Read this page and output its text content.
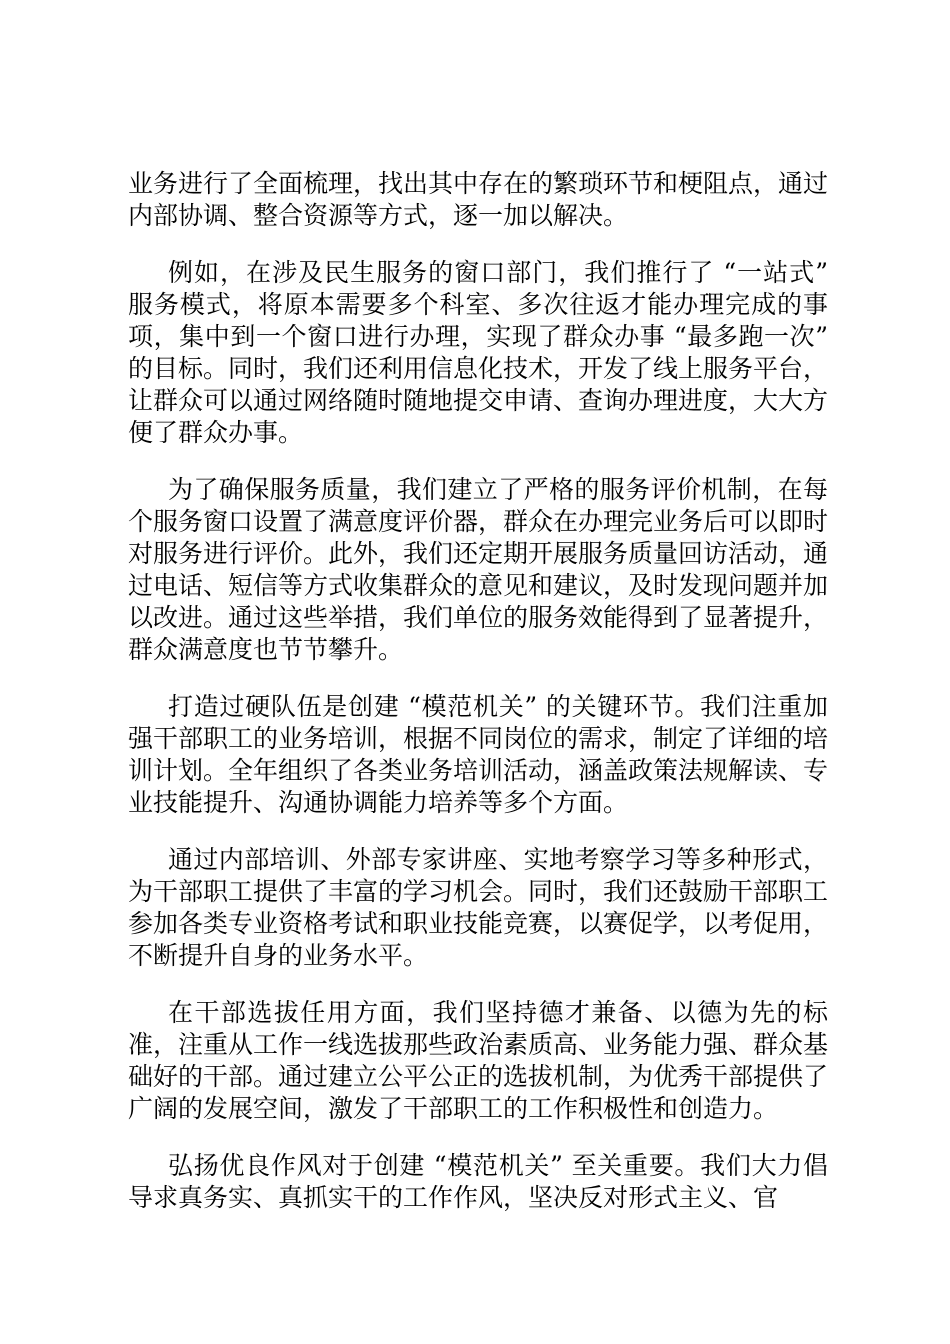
业务进行了全面梳理，找出其中存在的繁琐环节和梗阻点，通过内部协调、整合资源等方式，逐一加以解决。

例如，在涉及民生服务的窗口部门，我们推行了 “一站式” 服务模式，将原本需要多个科室、多次往返才能办理完成的事项，集中到一个窗口进行办理，实现了群众办事 “最多跑一次” 的目标。同时，我们还利用信息化技术，开发了线上服务平台，让群众可以通过网络随时随地提交申请、查询办理进度，大大方便了群众办事。

为了确保服务质量，我们建立了严格的服务评价机制，在每个服务窗口设置了满意度评价器，群众在办理完业务后可以即时对服务进行评价。此外，我们还定期开展服务质量回访活动，通过电话、短信等方式收集群众的意见和建议，及时发现问题并加以改进。通过这些举措，我们单位的服务效能得到了显著提升，群众满意度也节节攀升。

打造过硬队伍是创建 “模范机关” 的关键环节。我们注重加强干部职工的业务培训，根据不同岗位的需求，制定了详细的培训计划。全年组织了各类业务培训活动，涵盖政策法规解读、专业技能提升、沟通协调能力培养等多个方面。

通过内部培训、外部专家讲座、实地考察学习等多种形式，为干部职工提供了丰富的学习机会。同时，我们还鼓励干部职工参加各类专业资格考试和职业技能竞赛，以赛促学，以考促用，不断提升自身的业务水平。

在干部选拔任用方面，我们坚持德才兼备、以德为先的标准，注重从工作一线选拔那些政治素质高、业务能力强、群众基础好的干部。通过建立公平公正的选拔机制，为优秀干部提供了广阔的发展空间，激发了干部职工的工作积极性和创造力。

弘扬优良作风对于创建 “模范机关” 至关重要。我们大力倡导求真务实、真抓实干的工作作风，坚决反对形式主义、官
